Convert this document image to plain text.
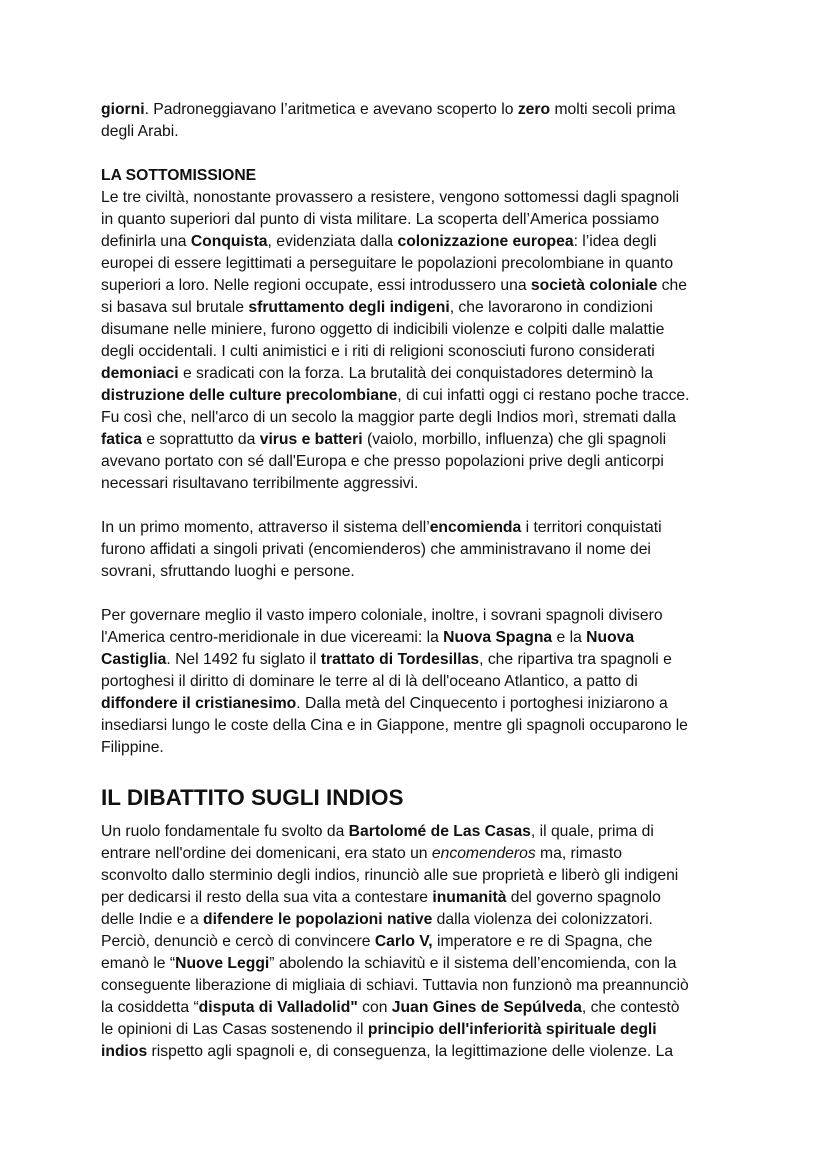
giorni. Padroneggiavano l’aritmetica e avevano scoperto lo zero molti secoli prima
degli Arabi.
LA SOTTOMISSIONE
Le tre civiltà, nonostante provassero a resistere, vengono sottomessi dagli spagnoli
in quanto superiori dal punto di vista militare. La scoperta dell’America possiamo
definirla una Conquista, evidenziata dalla colonizzazione europea: l’idea degli
europei di essere legittimati a perseguitare le popolazioni precolombiane in quanto
superiori a loro. Nelle regioni occupate, essi introdussero una società coloniale che
si basava sul brutale sfruttamento degli indigeni, che lavorarono in condizioni
disumane nelle miniere, furono oggetto di indicibili violenze e colpiti dalle malattie
degli occidentali. I culti animistici e i riti di religioni sconosciuti furono considerati
demoniaci e sradicati con la forza. La brutalità dei conquistadores determinò la
distruzione delle culture precolombiane, di cui infatti oggi ci restano poche tracce.
Fu così che, nell'arco di un secolo la maggior parte degli Indios morì, stremati dalla
fatica e soprattutto da virus e batteri (vaiolo, morbillo, influenza) che gli spagnoli
avevano portato con sé dall'Europa e che presso popolazioni prive degli anticorpi
necessari risultavano terribilmente aggressivi.
In un primo momento, attraverso il sistema dell’encomienda i territori conquistati
furono affidati a singoli privati (encomienderos) che amministravano il nome dei
sovrani, sfruttando luoghi e persone.
Per governare meglio il vasto impero coloniale, inoltre, i sovrani spagnoli divisero
l'America centro-meridionale in due vicereami: la Nuova Spagna e la Nuova
Castiglia. Nel 1492 fu siglato il trattato di Tordesillas, che ripartiva tra spagnoli e
portoghesi il diritto di dominare le terre al di là dell'oceano Atlantico, a patto di
diffondere il cristianesimo. Dalla metà del Cinquecento i portoghesi iniziarono a
insediarsi lungo le coste della Cina e in Giappone, mentre gli spagnoli occuparono le
Filippine.
IL DIBATTITO SUGLI INDIOS
Un ruolo fondamentale fu svolto da Bartolomé de Las Casas, il quale, prima di
entrare nell'ordine dei domenicani, era stato un encomenderos ma, rimasto
sconvolto dallo sterminio degli indios, rinunciò alle sue proprietà e liberò gli indigeni
per dedicarsi il resto della sua vita a contestare inumanità del governo spagnolo
delle Indie e a difendere le popolazioni native dalla violenza dei colonizzatori.
Perciò, denunciò e cercò di convincere Carlo V, imperatore e re di Spagna, che
emanò le “Nuove Leggi” abolendo la schiavitù e il sistema dell’encomienda, con la
conseguente liberazione di migliaia di schiavi. Tuttavia non funzionò ma preannunciò
la cosiddetta “disputa di Valladolid" con Juan Gines de Sepúlveda, che contestò
le opinioni di Las Casas sostenendo il principio dell'inferiorità spirituale degli
indios rispetto agli spagnoli e, di conseguenza, la legittimazione delle violenze. La
